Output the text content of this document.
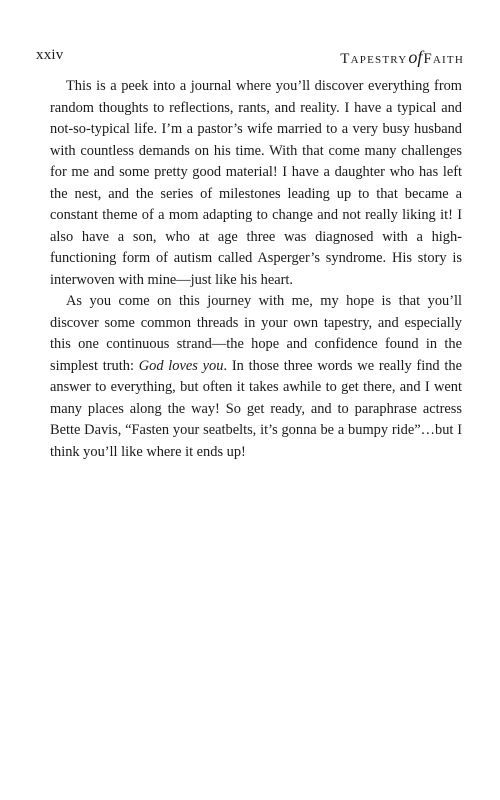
xxiv	TapestryofFaith

This is a peek into a journal where you’ll discover everything from random thoughts to reflections, rants, and reality. I have a typical and not-so-typical life. I’m a pastor’s wife married to a very busy husband with countless demands on his time. With that come many challenges for me and some pretty good material! I have a daughter who has left the nest, and the series of milestones leading up to that became a constant theme of a mom adapting to change and not really liking it! I also have a son, who at age three was diagnosed with a high-functioning form of autism called Asperger’s syndrome. His story is interwoven with mine—just like his heart.

As you come on this journey with me, my hope is that you’ll discover some common threads in your own tapestry, and especially this one continuous strand—the hope and confidence found in the simplest truth: God loves you. In those three words we really find the answer to everything, but often it takes awhile to get there, and I went many places along the way! So get ready, and to paraphrase actress Bette Davis, “Fasten your seatbelts, it’s gonna be a bumpy ride”…but I think you’ll like where it ends up!
